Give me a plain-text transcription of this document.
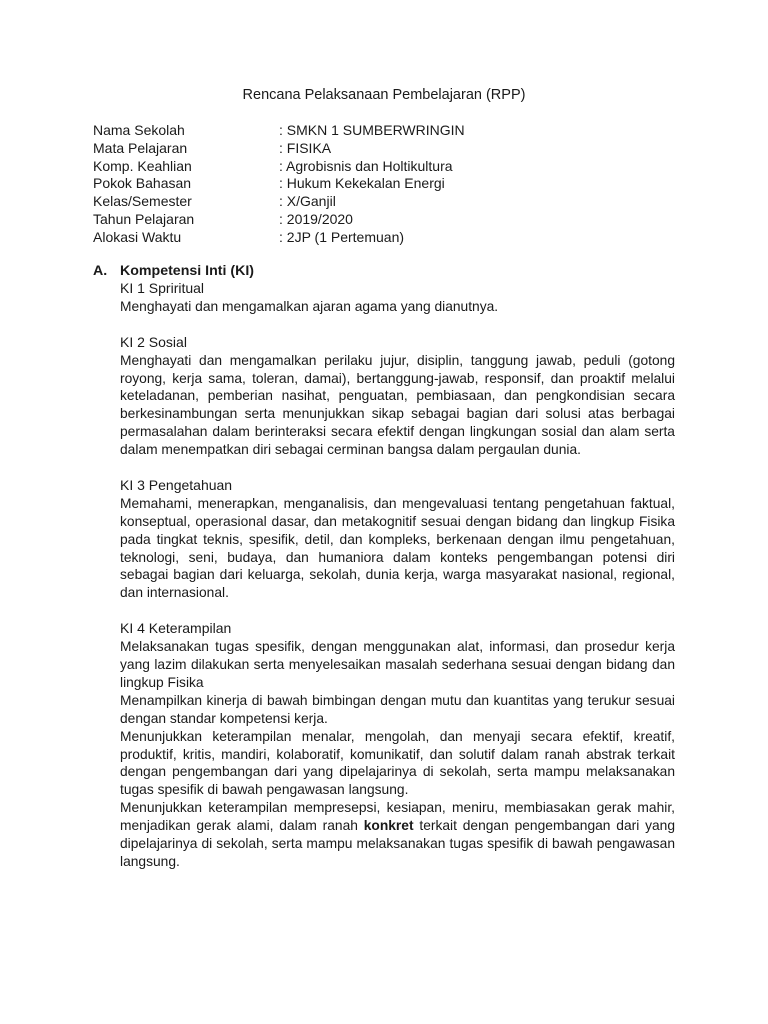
Rencana Pelaksanaan Pembelajaran (RPP)
Nama Sekolah	: SMKN 1 SUMBERWRINGIN
Mata Pelajaran	: FISIKA
Komp. Keahlian	: Agrobisnis dan Holtikultura
Pokok Bahasan	: Hukum Kekekalan Energi
Kelas/Semester	: X/Ganjil
Tahun Pelajaran	: 2019/2020
Alokasi Waktu	: 2JP (1 Pertemuan)
A. Kompetensi Inti (KI)

KI 1 Spriritual

Menghayati dan mengamalkan ajaran agama yang dianutnya.

KI 2 Sosial

Menghayati dan mengamalkan perilaku jujur, disiplin, tanggung jawab, peduli (gotong royong, kerja sama, toleran, damai), bertanggung-jawab, responsif, dan proaktif melalui keteladanan, pemberian nasihat, penguatan, pembiasaan, dan pengkondisian secara berkesinambungan serta menunjukkan sikap sebagai bagian dari solusi atas berbagai permasalahan dalam berinteraksi secara efektif dengan lingkungan sosial dan alam serta dalam menempatkan diri sebagai cerminan bangsa dalam pergaulan dunia.

KI 3 Pengetahuan

Memahami, menerapkan, menganalisis, dan mengevaluasi tentang pengetahuan faktual, konseptual, operasional dasar, dan metakognitif sesuai dengan bidang dan lingkup Fisika pada tingkat teknis, spesifik, detil, dan kompleks, berkenaan dengan ilmu pengetahuan, teknologi, seni, budaya, dan humaniora dalam konteks pengembangan potensi diri sebagai bagian dari keluarga, sekolah, dunia kerja, warga masyarakat nasional, regional, dan internasional.

KI 4 Keterampilan

Melaksanakan tugas spesifik, dengan menggunakan alat, informasi, dan prosedur kerja yang lazim dilakukan serta menyelesaikan masalah sederhana sesuai dengan bidang dan lingkup Fisika

Menampilkan kinerja di bawah bimbingan dengan mutu dan kuantitas yang terukur sesuai dengan standar kompetensi kerja.

Menunjukkan keterampilan menalar, mengolah, dan menyaji secara efektif, kreatif, produktif, kritis, mandiri, kolaboratif, komunikatif, dan solutif dalam ranah abstrak terkait dengan pengembangan dari yang dipelajarinya di sekolah, serta mampu melaksanakan tugas spesifik di bawah pengawasan langsung.

Menunjukkan keterampilan mempresepsi, kesiapan, meniru, membiasakan gerak mahir, menjadikan gerak alami, dalam ranah konkret terkait dengan pengembangan dari yang dipelajarinya di sekolah, serta mampu melaksanakan tugas spesifik di bawah pengawasan langsung.
